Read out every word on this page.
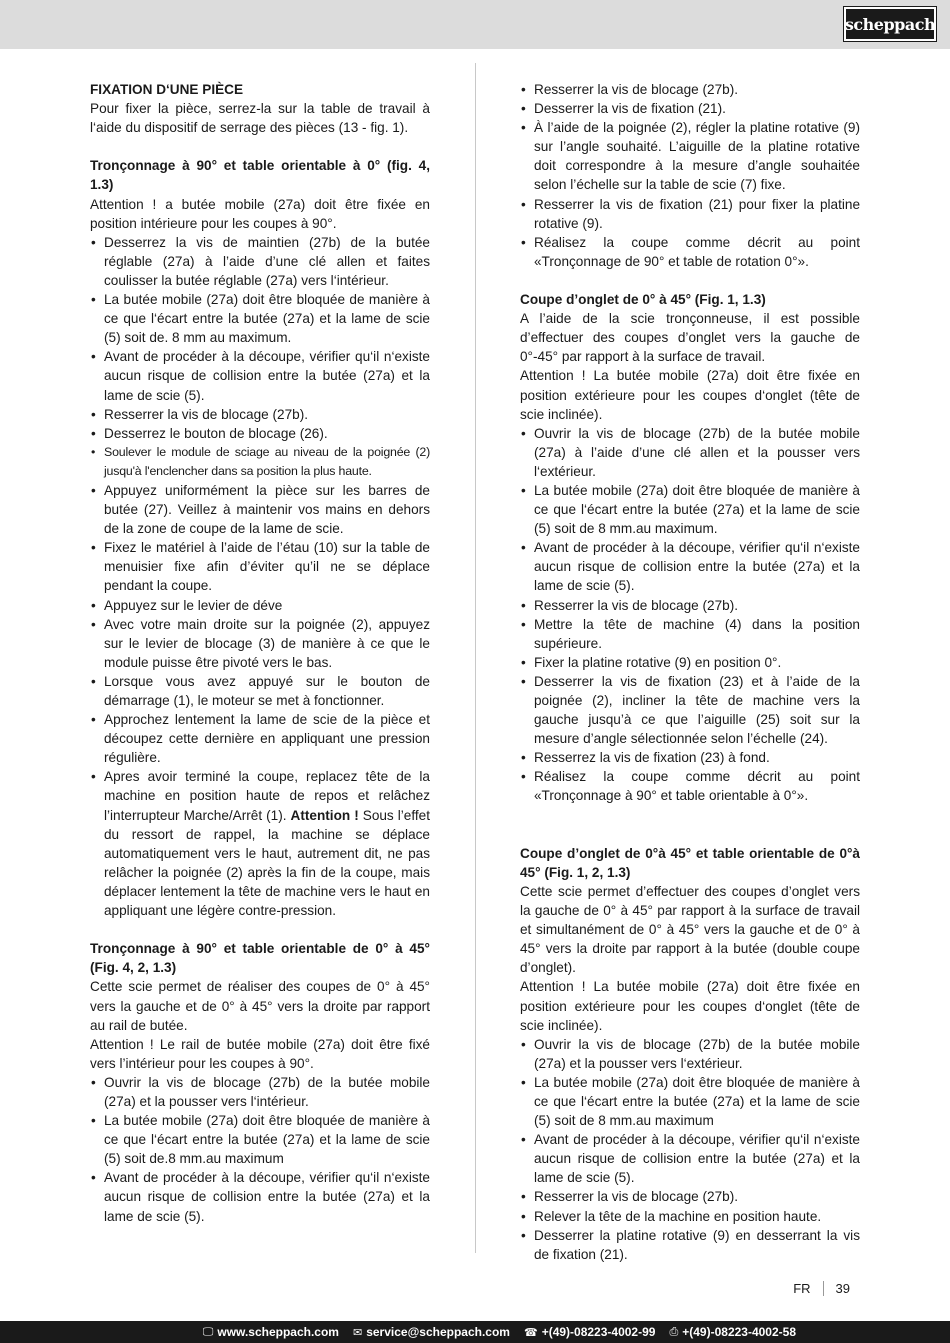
scheppach
FIXATION D‘UNE PIÈCE

Pour fixer la pièce, serrez-la sur la table de travail à l‘aide du dispositif de serrage des pièces (13 - fig. 1).

Tronçonnage à 90° et table orientable à 0° (fig. 4, 1.3)

Attention ! a butée mobile (27a) doit être fixée en position intérieure pour les coupes à 90°.

• Desserrez la vis de maintien (27b) de la butée réglable (27a) à l’aide d’une clé allen et faites coulisser la butée réglable (27a) vers l‘intérieur.
• La butée mobile (27a) doit être bloquée de manière à ce que l‘écart entre la butée (27a) et la lame de scie (5) soit de. 8 mm au maximum.
• Avant de procéder à la découpe, vérifier qu‘il n‘existe aucun risque de collision entre la butée (27a) et la lame de scie (5).
• Resserrer la vis de blocage (27b).
• Desserrez le bouton de blocage (26).
• Soulever le module de sciage au niveau de la poignée (2) jusqu'à l'enclencher dans sa position la plus haute.
• Appuyez uniformément la pièce sur les barres de butée (27). Veillez à maintenir vos mains en dehors de la zone de coupe de la lame de scie.
• Fixez le matériel à l’aide de l’étau (10) sur la table de menuisier fixe afin d’éviter qu’il ne se déplace pendant la coupe.
• Appuyez sur le levier de déve
• Avec votre main droite sur la poignée (2), appuyez sur le levier de blocage (3) de manière à ce que le module puisse être pivoté vers le bas.
• Lorsque vous avez appuyé sur le bouton de démarrage (1), le moteur se met à fonctionner.
• Approchez lentement la lame de scie de la pièce et découpez cette dernière en appliquant une pression régulière.
• Apres avoir terminé la coupe, replacez tête de la machine en position haute de repos et relâchez l’interrupteur Marche/Arrêt (1). Attention ! Sous l’effet du ressort de rappel, la machine se déplace automatiquement vers le haut, autrement dit, ne pas relâcher la poignée (2) après la fin de la coupe, mais déplacer lentement la tête de machine vers le haut en appliquant une légère contre-pression.
Tronçonnage à 90° et table orientable de 0° à 45° (Fig. 4, 2, 1.3)

Cette scie permet de réaliser des coupes de 0° à 45° vers la gauche et de 0° à 45° vers la droite par rapport au rail de butée.

Attention ! Le rail de butée mobile (27a) doit être fixé vers l’intérieur pour les coupes à 90°.

• Ouvrir la vis de blocage (27b) de la butée mobile (27a) et la pousser vers l‘intérieur.
• La butée mobile (27a) doit être bloquée de manière à ce que l‘écart entre la butée (27a) et la lame de scie (5) soit de.8 mm.au maximum
• Avant de procéder à la découpe, vérifier qu‘il n‘existe aucun risque de collision entre la butée (27a) et la lame de scie (5).
• Resserrer la vis de blocage (27b).
• Desserrer la vis de fixation (21).
• À l’aide de la poignée (2), régler la platine rotative (9) sur l’angle souhaité. L’aiguille de la platine rotative doit correspondre à la mesure d’angle souhaitée selon l’échelle sur la table de scie (7) fixe.
• Resserrer la vis de fixation (21) pour fixer la platine rotative (9).
• Réalisez la coupe comme décrit au point «Tronçonnage de 90° et table de rotation 0°».
Coupe d’onglet de 0° à 45° (Fig. 1, 1.3)

A l’aide de la scie tronçonneuse, il est possible d’effectuer des coupes d’onglet vers la gauche de 0°-45° par rapport à la surface de travail.

Attention ! La butée mobile (27a) doit être fixée en position extérieure pour les coupes d‘onglet (tête de scie inclinée).

• Ouvrir la vis de blocage (27b) de la butée mobile (27a) à l’aide d’une clé allen et la pousser vers l‘extérieur.
• La butée mobile (27a) doit être bloquée de manière à ce que l‘écart entre la butée (27a) et la lame de scie (5) soit de 8 mm.au maximum.
• Avant de procéder à la découpe, vérifier qu‘il n‘existe aucun risque de collision entre la butée (27a) et la lame de scie (5).
• Resserrer la vis de blocage (27b).
• Mettre la tête de machine (4) dans la position supérieure.
• Fixer la platine rotative (9) en position 0°.
• Desserrer la vis de fixation (23) et à l’aide de la poignée (2), incliner la tête de machine vers la gauche jusqu’à ce que l’aiguille (25) soit sur la mesure d’angle sélectionnée selon l’échelle (24).
• Resserrez la vis de fixation (23) à fond.
• Réalisez la coupe comme décrit au point «Tronçonnage à 90° et table orientable à 0°».
Coupe d’onglet de 0°à 45° et table orientable de 0°à 45° (Fig. 1, 2, 1.3)

Cette scie permet d’effectuer des coupes d’onglet vers la gauche de 0° à 45° par rapport à la surface de travail et simultanément de 0° à 45° vers la gauche et de 0° à 45° vers la droite par rapport à la butée (double coupe d’onglet).

Attention ! La butée mobile (27a) doit être fixée en position extérieure pour les coupes d‘onglet (tête de scie inclinée).

• Ouvrir la vis de blocage (27b) de la butée mobile (27a) et la pousser vers l‘extérieur.
• La butée mobile (27a) doit être bloquée de manière à ce que l‘écart entre la butée (27a) et la lame de scie (5) soit de 8 mm.au maximum
• Avant de procéder à la découpe, vérifier qu‘il n‘existe aucun risque de collision entre la butée (27a) et la lame de scie (5).
• Resserrer la vis de blocage (27b).
• Relever la tête de la machine en position haute.
• Desserrer la platine rotative (9) en desserrant la vis de fixation (21).
FR	39
🖵 www.scheppach.com ✉ service@scheppach.com ☎ +(49)-08223-4002-99 ⎙ +(49)-08223-4002-58
